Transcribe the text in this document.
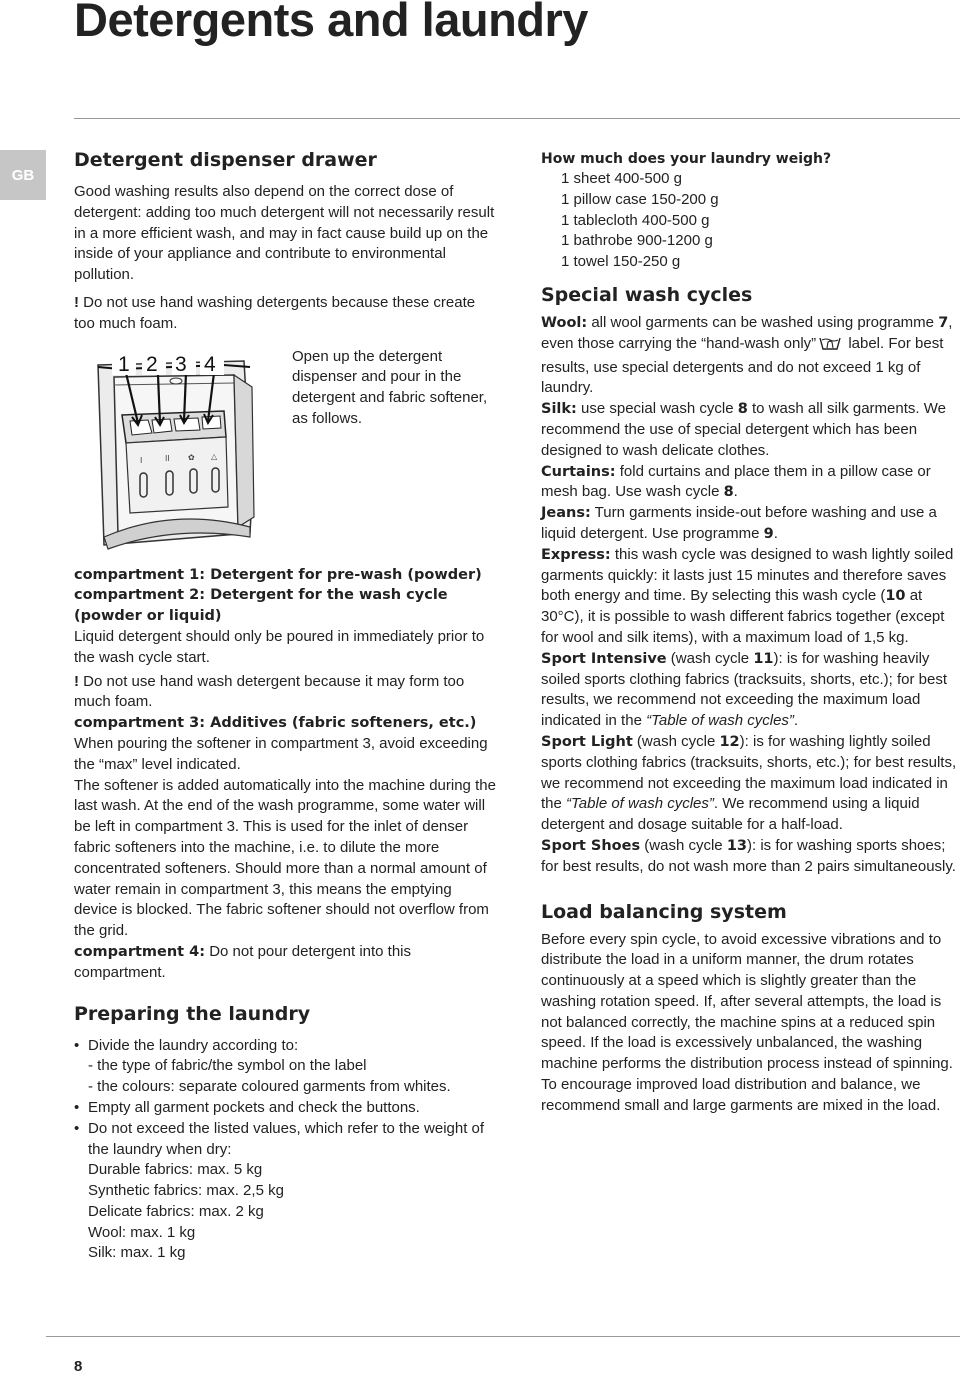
Detergents and laundry
GB
Detergent dispenser drawer

Good washing results also depend on the correct dose of detergent: adding too much detergent will not necessarily result in a more efficient wash, and may in fact cause build up on the inside of your appliance and contribute to environmental pollution.

! Do not use hand washing detergents because these create too much foam.

I	II ✿ △
1 2 3 4	Open up the detergent dispenser and pour in the detergent and fabric softener, as follows.

compartment 1: Detergent for pre-wash (powder)

compartment 2: Detergent for the wash cycle (powder or liquid)

Liquid detergent should only be poured in immediately prior to the wash cycle start.

! Do not use hand wash detergent because it may form too much foam.

compartment 3: Additives (fabric softeners, etc.)

When pouring the softener in compartment 3, avoid exceeding the “max” level indicated.

The softener is added automatically into the machine during the last wash. At the end of the wash programme, some water will be left in compartment 3. This is used for the inlet of denser fabric softeners into the machine, i.e. to dilute the more concentrated softeners. Should more than a normal amount of water remain in compartment 3, this means the emptying device is blocked. The fabric softener should not overflow from the grid.

compartment 4: Do not pour detergent into this compartment.

Preparing the laundry
• Divide the laundry according to:
- the type of fabric/the symbol on the label
- the colours: separate coloured garments from whites.
• Empty all garment pockets and check the buttons.
• Do not exceed the listed values, which refer to the weight of the laundry when dry:
Durable fabrics: max. 5 kg
Synthetic fabrics: max. 2,5 kg
Delicate fabrics: max. 2 kg
Wool: max. 1 kg
Silk: max. 1 kg

How much does your laundry weigh?

1 sheet 400-500 g
1 pillow case 150-200 g
1 tablecloth 400-500 g
1 bathrobe 900-1200 g
1 towel 150-250 g
Special wash cycles

Wool: all wool garments can be washed using programme 7, even those carrying the “hand-wash only” label. For best results, use special detergents and do not exceed 1 kg of laundry.

Silk: use special wash cycle 8 to wash all silk garments. We recommend the use of special detergent which has been designed to wash delicate clothes.

Curtains: fold curtains and place them in a pillow case or mesh bag. Use wash cycle 8.

Jeans: Turn garments inside-out before washing and use a liquid detergent. Use programme 9.

Express: this wash cycle was designed to wash lightly soiled garments quickly: it lasts just 15 minutes and therefore saves both energy and time. By selecting this wash cycle (10 at 30°C), it is possible to wash different fabrics together (except for wool and silk items), with a maximum load of 1,5 kg.

Sport Intensive (wash cycle 11): is for washing heavily soiled sports clothing fabrics (tracksuits, shorts, etc.); for best results, we recommend not exceeding the maximum load indicated in the “Table of wash cycles”.

Sport Light (wash cycle 12): is for washing lightly soiled sports clothing fabrics (tracksuits, shorts, etc.); for best results, we recommend not exceeding the maximum load indicated in the “Table of wash cycles”. We recommend using a liquid detergent and dosage suitable for a half-load.

Sport Shoes (wash cycle 13): is for washing sports shoes; for best results, do not wash more than 2 pairs simultaneously.

Load balancing system

Before every spin cycle, to avoid excessive vibrations and to distribute the load in a uniform manner, the drum rotates continuously at a speed which is slightly greater than the washing rotation speed. If, after several attempts, the load is not balanced correctly, the machine spins at a reduced spin speed. If the load is excessively unbalanced, the washing machine performs the distribution process instead of spinning. To encourage improved load distribution and balance, we recommend small and large garments are mixed in the load.

8
